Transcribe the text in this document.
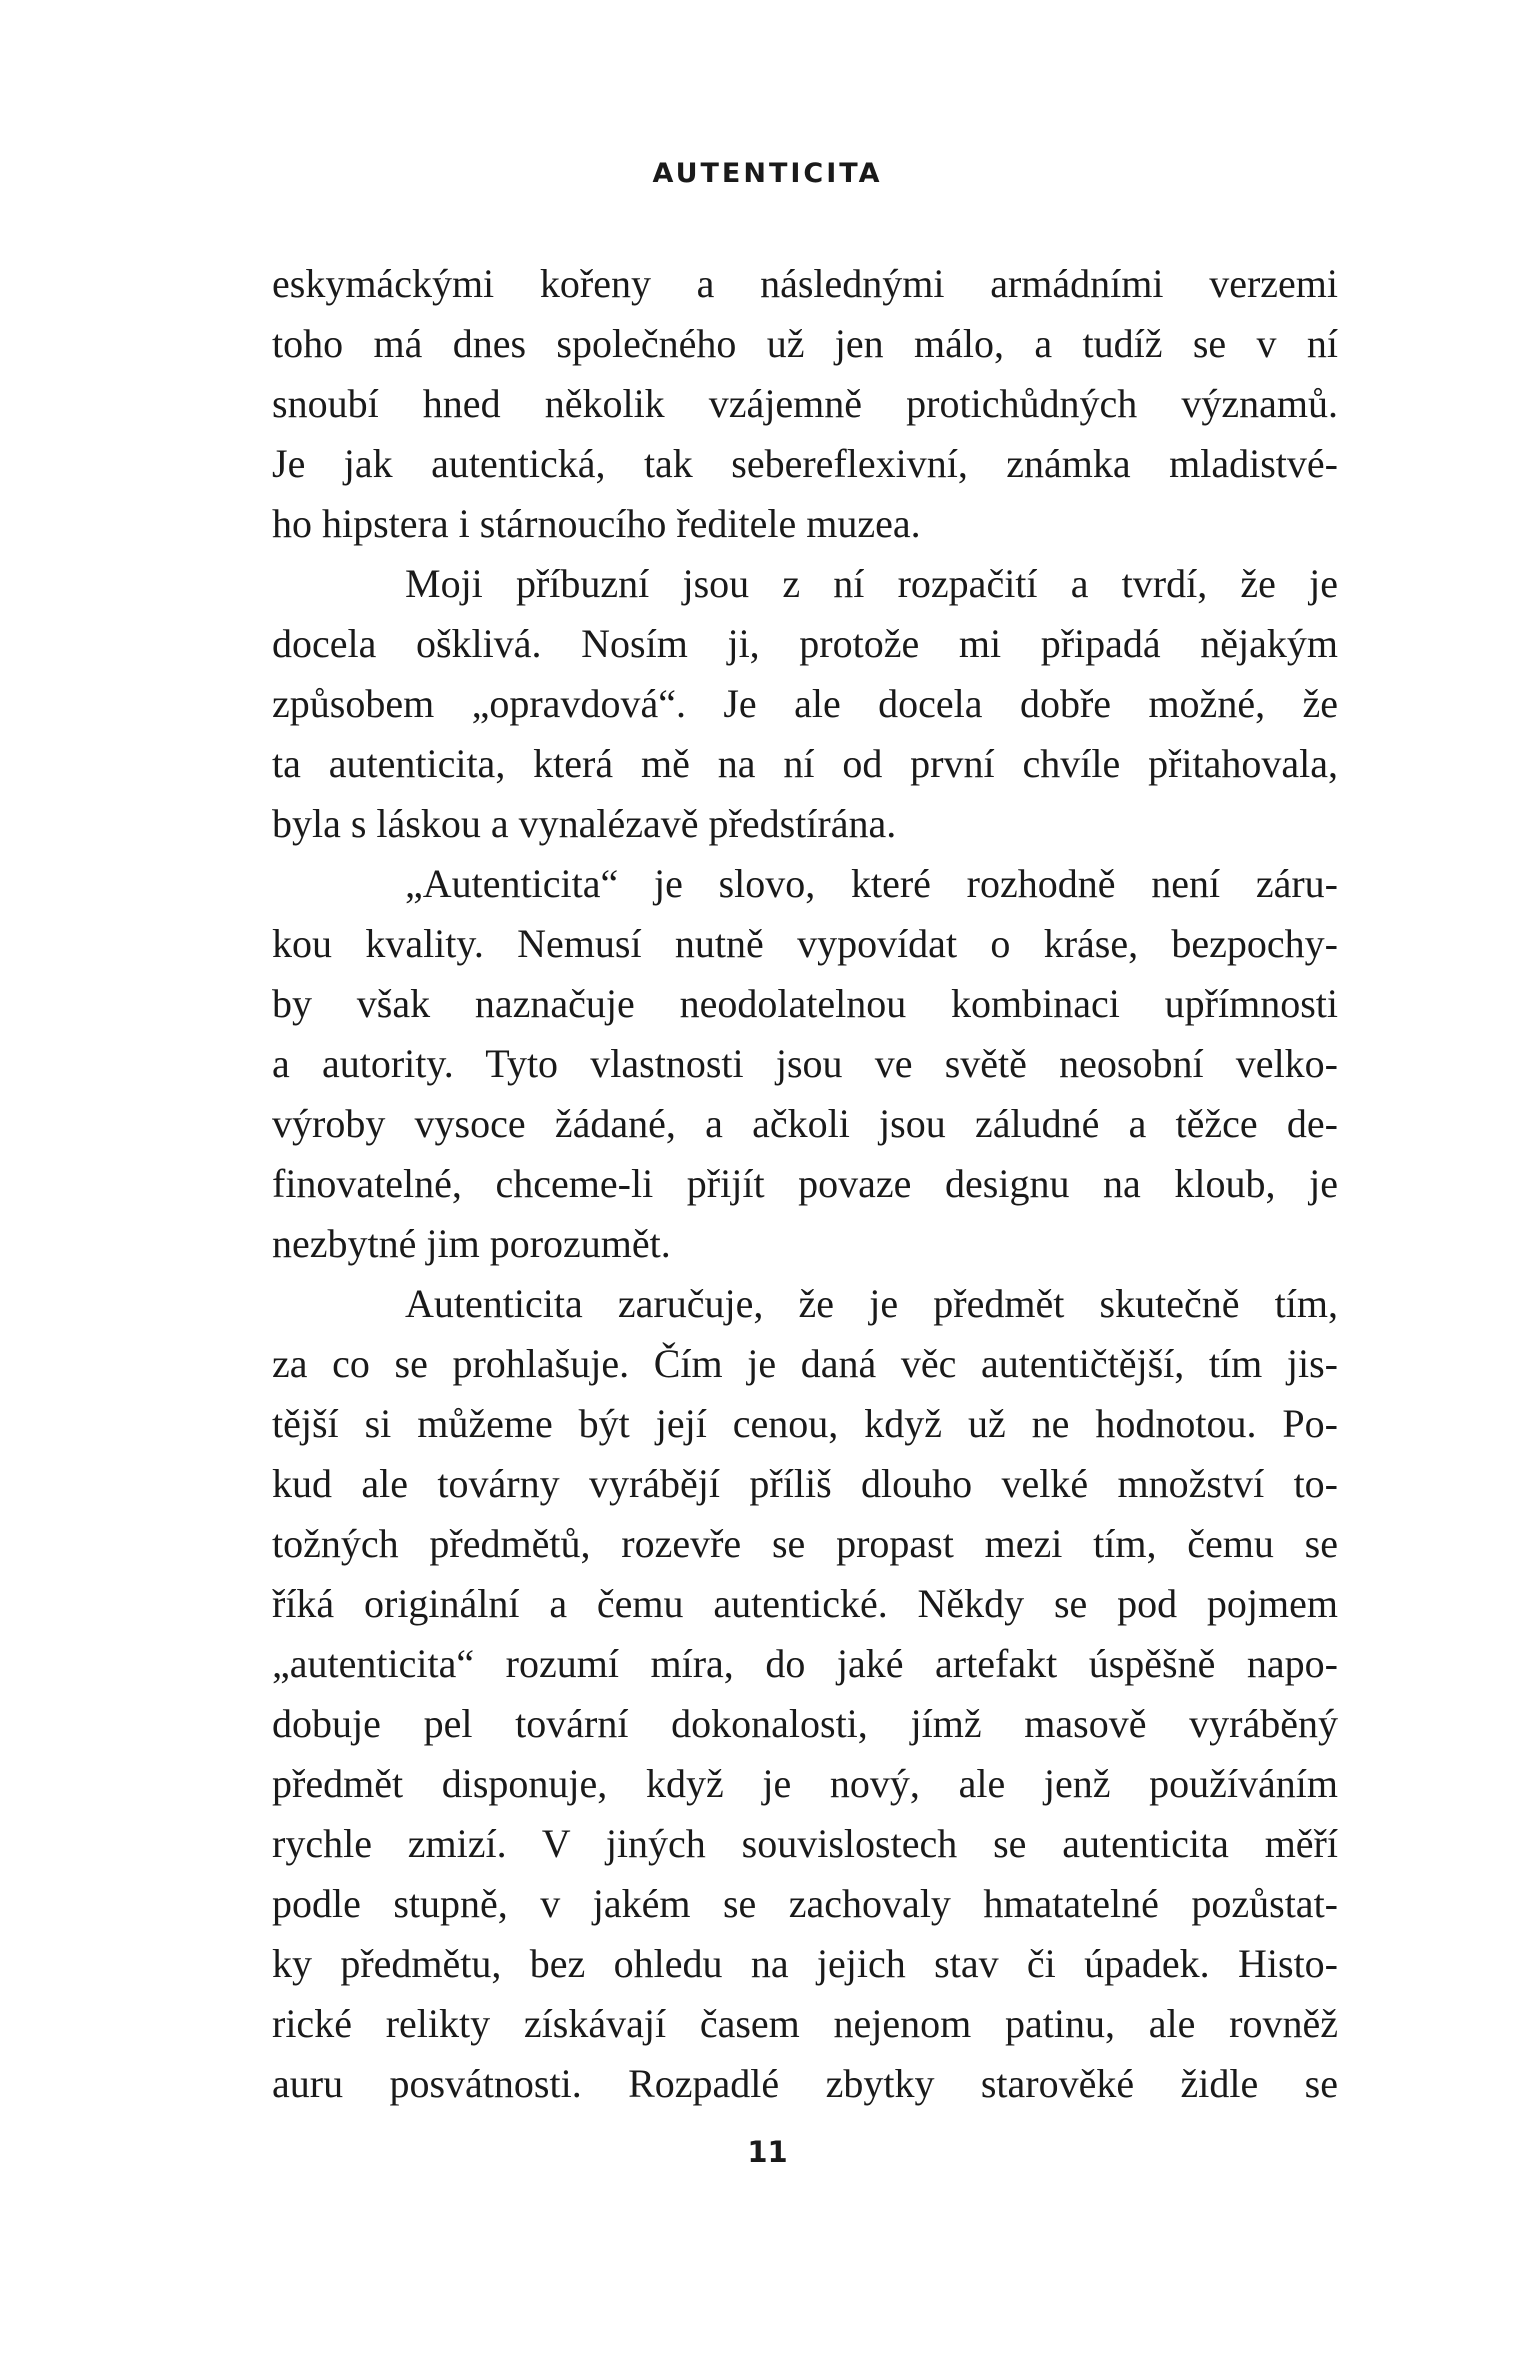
AUTENTICITA
eskymáckými kořeny a následnými armádními verzemi
toho má dnes společného už jen málo, a tudíž se v ní
snoubí hned několik vzájemně protichůdných významů.
Je jak autentická, tak sebereflexivní, známka mladistvé-
ho hipstera i stárnoucího ředitele muzea.
Moji příbuzní jsou z ní rozpačití a tvrdí, že je
docela ošklivá. Nosím ji, protože mi připadá nějakým
způsobem „opravdová“. Je ale docela dobře možné, že
ta autenticita, která mě na ní od první chvíle přitahovala,
byla s láskou a vynalézavě předstírána.
„Autenticita“ je slovo, které rozhodně není záru-
kou kvality. Nemusí nutně vypovídat o kráse, bezpochy-
by však naznačuje neodolatelnou kombinaci upřímnosti
a autority. Tyto vlastnosti jsou ve světě neosobní velko-
výroby vysoce žádané, a ačkoli jsou záludné a těžce de-
finovatelné, chceme-li přijít povaze designu na kloub, je
nezbytné jim porozumět.
Autenticita zaručuje, že je předmět skutečně tím,
za co se prohlašuje. Čím je daná věc autentičtější, tím jis-
tější si můžeme být její cenou, když už ne hodnotou. Po-
kud ale továrny vyrábějí příliš dlouho velké množství to-
tožných předmětů, rozevře se propast mezi tím, čemu se
říká originální a čemu autentické. Někdy se pod pojmem
„autenticita“ rozumí míra, do jaké artefakt úspěšně napo-
dobuje pel tovární dokonalosti, jímž masově vyráběný
předmět disponuje, když je nový, ale jenž používáním
rychle zmizí. V jiných souvislostech se autenticita měří
podle stupně, v jakém se zachovaly hmatatelné pozůstat-
ky předmětu, bez ohledu na jejich stav či úpadek. Histo-
rické relikty získávají časem nejenom patinu, ale rovněž
auru posvátnosti. Rozpadlé zbytky starověké židle se
11
